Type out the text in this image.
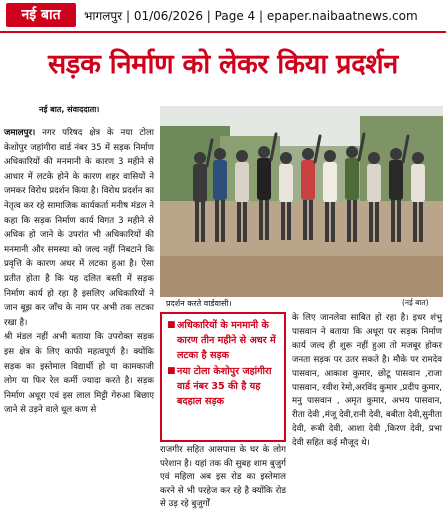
नई बात	भागलपुर | 01/06/2026 | Page 4 | epaper.naibaatnews.com
सड़क निर्माण को लेकर किया प्रदर्शन
नई बात, संवाददाता।

जमालपुर। नगर परिषद क्षेत्र के नया टोला केशोपुर जहांगीरा वार्ड नंबर 35 में सड़क निर्माण अधिकारियों की मनमानी के कारण 3 महीने से आधार में लटके होने के कारण शहर वासियों ने जमकर विरोध प्रदर्शन किया है। विरोध प्रदर्शन का नेतृत्व कर रहे सामाजिक कार्यकर्ता मनीष मंडल ने कहा कि सड़क निर्माण कार्य विगत 3 महीने से अधिक हो जाने के उपरांत भी अधिकारियों की मनमानी और समस्या को जल्द नहीं निबटाने कि प्रवृत्ति के कारण अधर में लटका हुआ है। ऐसा प्रतीत होता है कि यह दलित बस्ती में सड़क निर्माण कार्य हो रहा है इसलिए अधिकारियों ने जान बूझ कर जाँच के नाम पर अभी तक लटका रखा है।

श्री मंडल नहीं अभी बताया कि उपरोक्त सड़क इस क्षेत्र के लिए काफी महत्वपूर्ण है। क्योंकि सड़क का इस्तेमाल विद्यार्थी हो या कामकाजी लोग या फिर रेल कर्मी ज्यादा करते है। सड़क निर्माण अधूरा एवं इस लाल मिट्टी गेरुआ बिछाए जाने से उड़ने वाले धूल कण से

प्रदर्शन करते वार्डवासी।	(नई बात)
■ अधिकारियों के मनमानी के कारण तीन महीने से अधर में लटका है सड़क
■ नया टोला केशोपुर जहांगीरा वार्ड नंबर 35 की है यह बदहाल सड़क
राजगीर सहित आसपास के घर के लोग परेशान है। यहां तक की सुबह शाम बुजुर्ग एवं महिला अब इस रोड का इस्तेमाल करने से भी परहेज कर रहे है क्योंकि रोड से उड़ रहे बुजुर्गों
के लिए जानलेवा साबित हो रहा है। इधर शंभु पासवान ने बताया कि अधूरा पर सड़क निर्माण कार्य जल्द ही शुरू नहीं हुआ तो मजबूर होकर जनता सड़क पर उतर सकते है। मौके पर रामदेव पासवान, आकाश कुमार, छोटू पासवान ,राजा पासवान, रवीश रेमो,अरविंद कुमार ,प्रदीप कुमार, मनु पासवान , अमृत कुमार, अभय पासवान, रीता देवी ,मंजू देवी,रानी देवी, बबीता देवी,सुनीता देवी, रूबी देवी, आशा देवी ,किरण देवी, प्रभा देवी सहित कई मौजूद थे।
